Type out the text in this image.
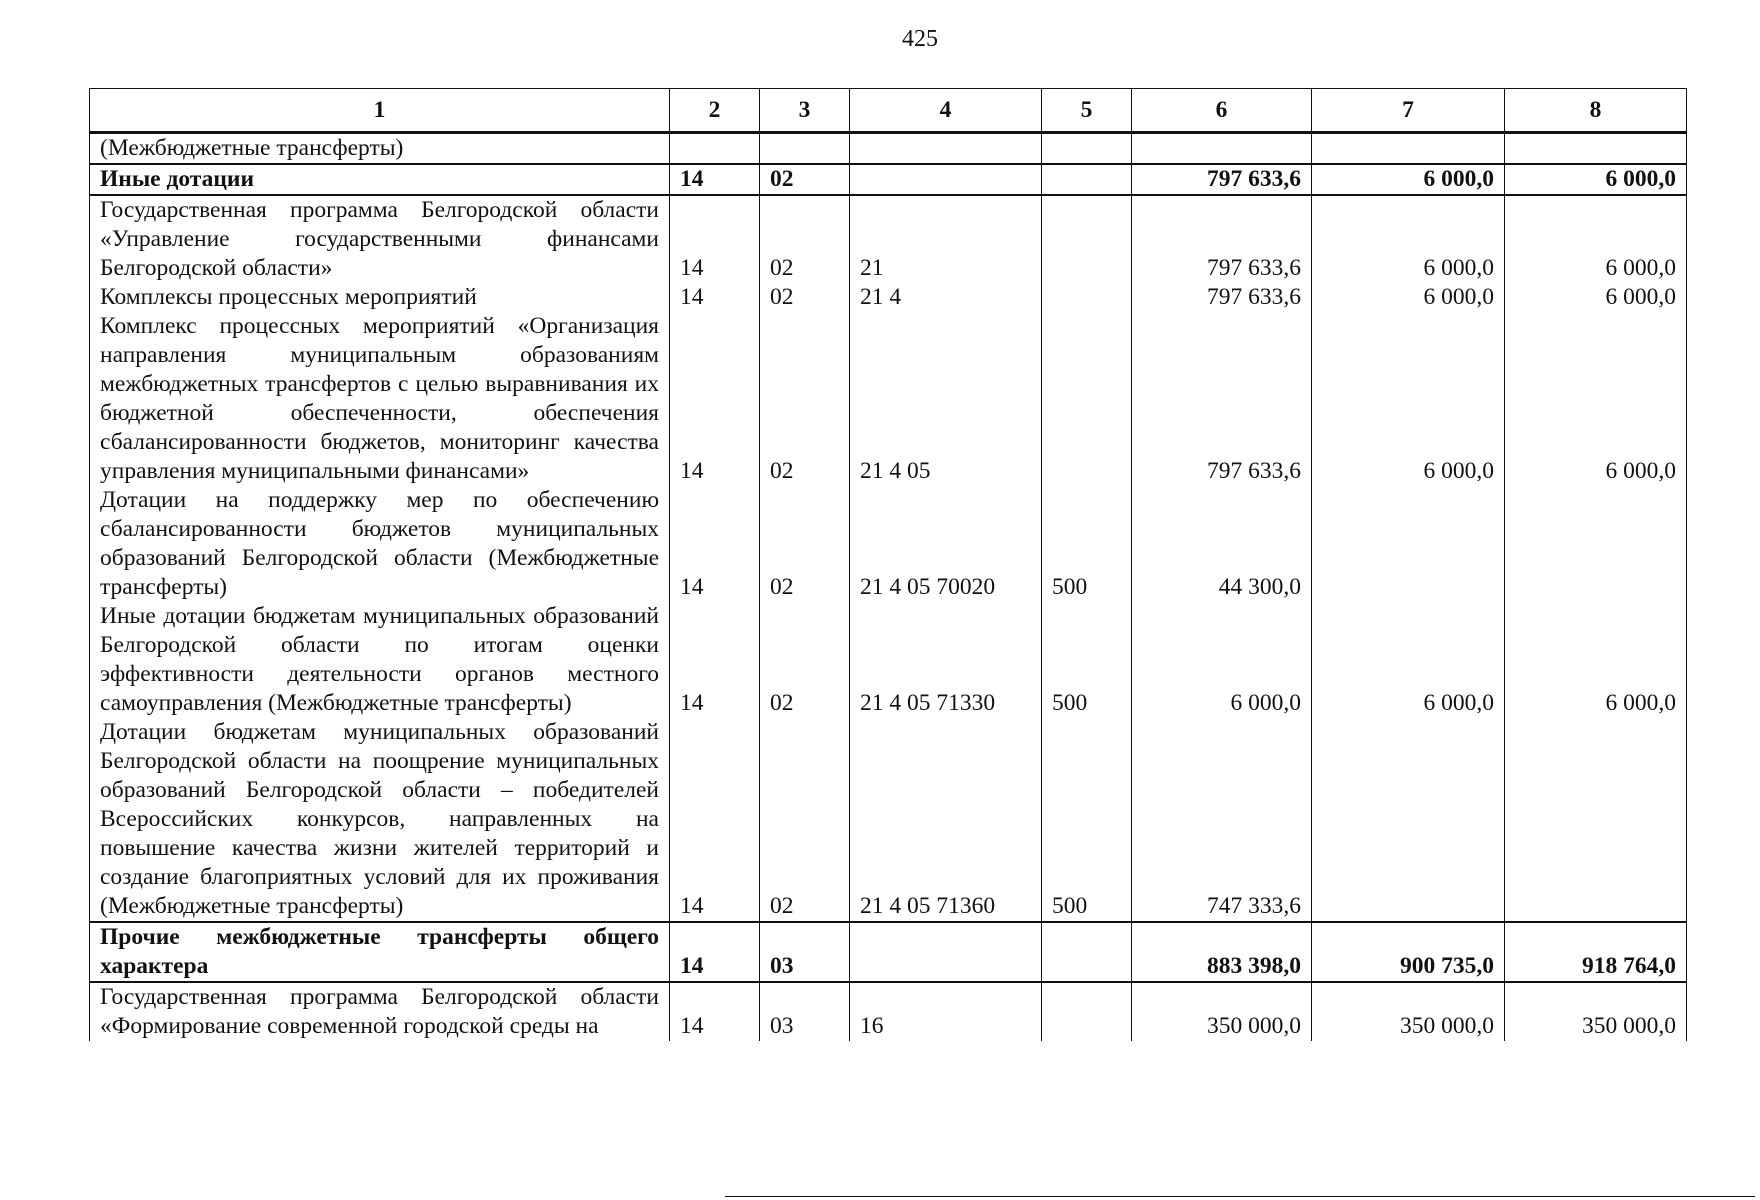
425
1	2	3	4	5	6	7	8
(Межбюджетные трансферты)							
Иные дотации	14	02			797 633,6	6 000,0	6 000,0
Государственная программа Белгородской области «Управление государственными финансами Белгородской области»	14	02	21		797 633,6	6 000,0	6 000,0
Комплексы процессных мероприятий	14	02	21 4		797 633,6	6 000,0	6 000,0
Комплекс процессных мероприятий «Организация направления муниципальным образованиям межбюджетных трансфертов с целью выравнивания их бюджетной обеспеченности, обеспечения сбалансированности бюджетов, мониторинг качества управления муниципальными финансами»	14	02	21 4 05		797 633,6	6 000,0	6 000,0
Дотации на поддержку мер по обеспечению сбалансированности бюджетов муниципальных образований Белгородской области (Межбюджетные трансферты)	14	02	21 4 05 70020	500	44 300,0		
Иные дотации бюджетам муниципальных образований Белгородской области по итогам оценки эффективности деятельности органов местного самоуправления (Межбюджетные трансферты)	14	02	21 4 05 71330	500	6 000,0	6 000,0	6 000,0
Дотации бюджетам муниципальных образований Белгородской области на поощрение муниципальных образований Белгородской области – победителей Всероссийских конкурсов, направленных на повышение качества жизни жителей территорий и создание благоприятных условий для их проживания (Межбюджетные трансферты)	14	02	21 4 05 71360	500	747 333,6		
Прочие межбюджетные трансферты общего характера	14	03			883 398,0	900 735,0	918 764,0
Государственная программа Белгородской области «Формирование современной городской среды на	14	03	16		350 000,0	350 000,0	350 000,0
